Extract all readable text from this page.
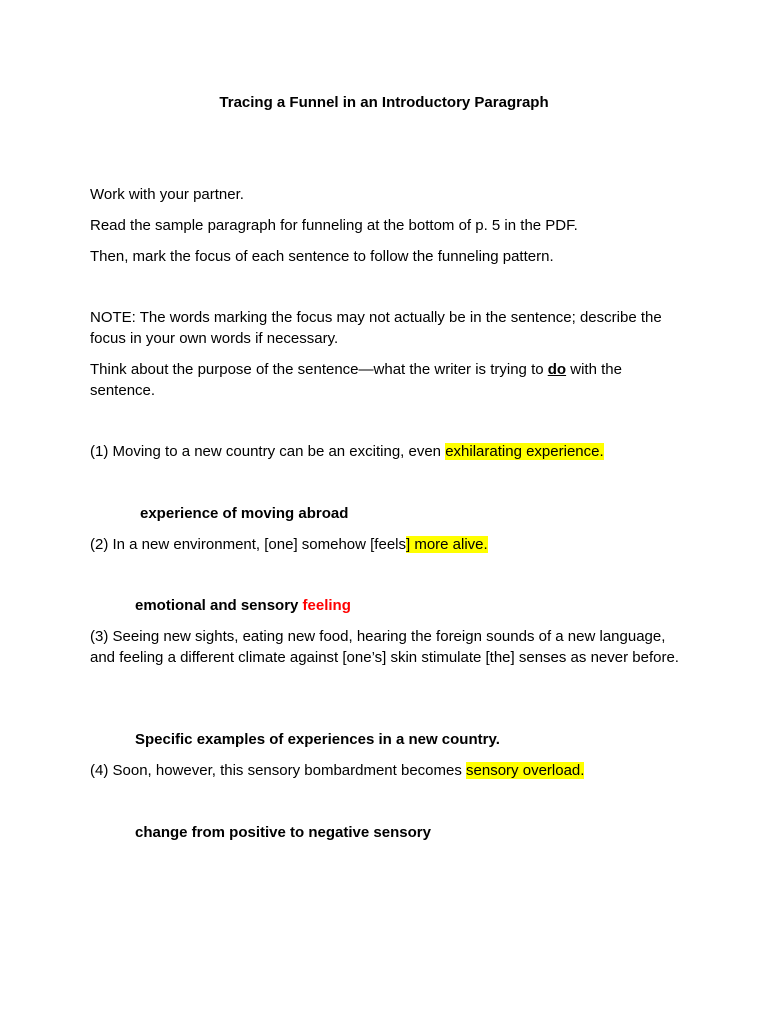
Tracing a Funnel in an Introductory Paragraph

Work with your partner.

Read the sample paragraph for funneling at the bottom of p. 5 in the PDF.

Then, mark the focus of each sentence to follow the funneling pattern.

NOTE: The words marking the focus may not actually be in the sentence; describe the focus in your own words if necessary.

Think about the purpose of the sentence—what the writer is trying to do with the sentence.

(1) Moving to a new country can be an exciting, even exhilarating experience.

experience of moving abroad

(2) In a new environment, [one] somehow [feels] more alive.

emotional and sensory feeling

(3) Seeing new sights, eating new food, hearing the foreign sounds of a new language, and feeling a different climate against [one’s] skin stimulate [the] senses as never before.

Specific examples of experiences in a new country.

(4) Soon, however, this sensory bombardment becomes sensory overload.

change from positive to negative sensory
